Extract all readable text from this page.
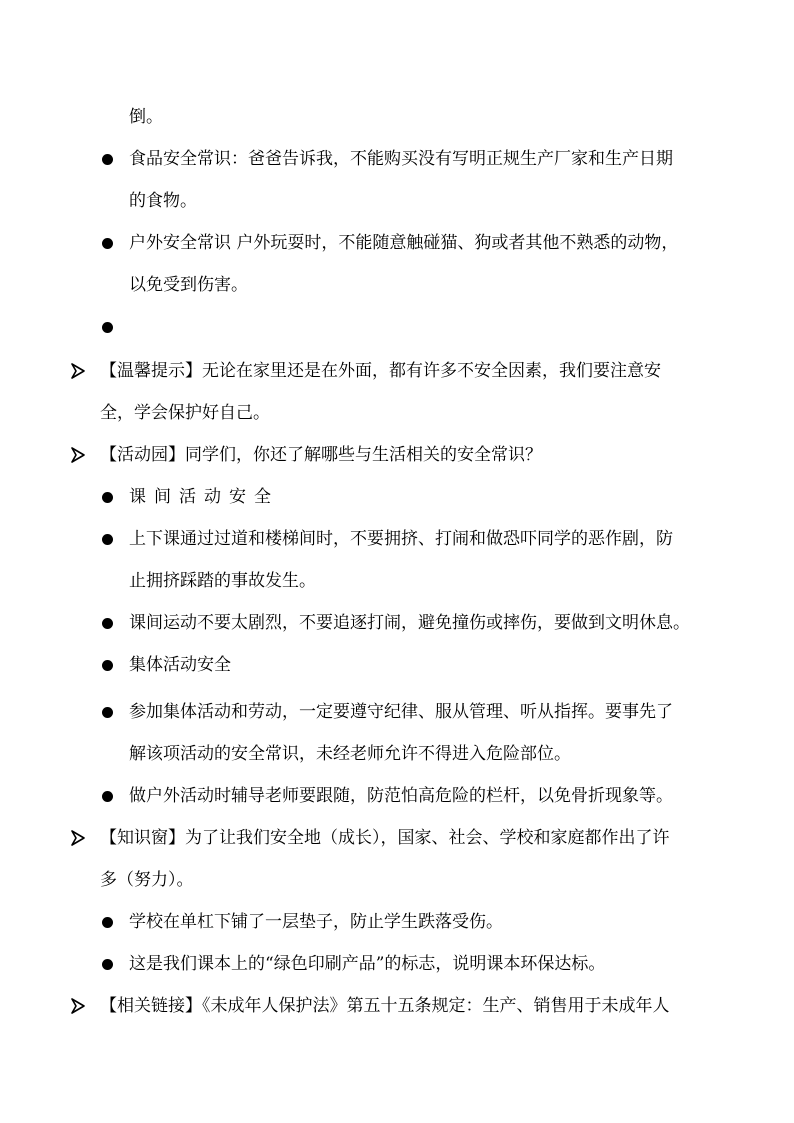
倒。
食品安全常识：爸爸告诉我，不能购买没有写明正规生产厂家和生产日期
的食物。
户外安全常识 户外玩耍时，不能随意触碰猫、狗或者其他不熟悉的动物，
以免受到伤害。
【温馨提示】无论在家里还是在外面，都有许多不安全因素，我们要注意安
全，学会保护好自己。
【活动园】同学们，你还了解哪些与生活相关的安全常识？
课间活动安全
上下课通过过道和楼梯间时，不要拥挤、打闹和做恐吓同学的恶作剧，防
止拥挤踩踏的事故发生。
课间运动不要太剧烈，不要追逐打闹，避免撞伤或摔伤，要做到文明休息。
集体活动安全
参加集体活动和劳动，一定要遵守纪律、服从管理、听从指挥。要事先了
解该项活动的安全常识，未经老师允许不得进入危险部位。
做户外活动时辅导老师要跟随，防范怕高危险的栏杆，以免骨折现象等。
【知识窗】为了让我们安全地（成长），国家、社会、学校和家庭都作出了许
多（努力）。
学校在单杠下铺了一层垫子，防止学生跌落受伤。
这是我们课本上的“绿色印刷产品”的标志，说明课本环保达标。
【相关链接】《未成年人保护法》第五十五条规定：生产、销售用于未成年人
